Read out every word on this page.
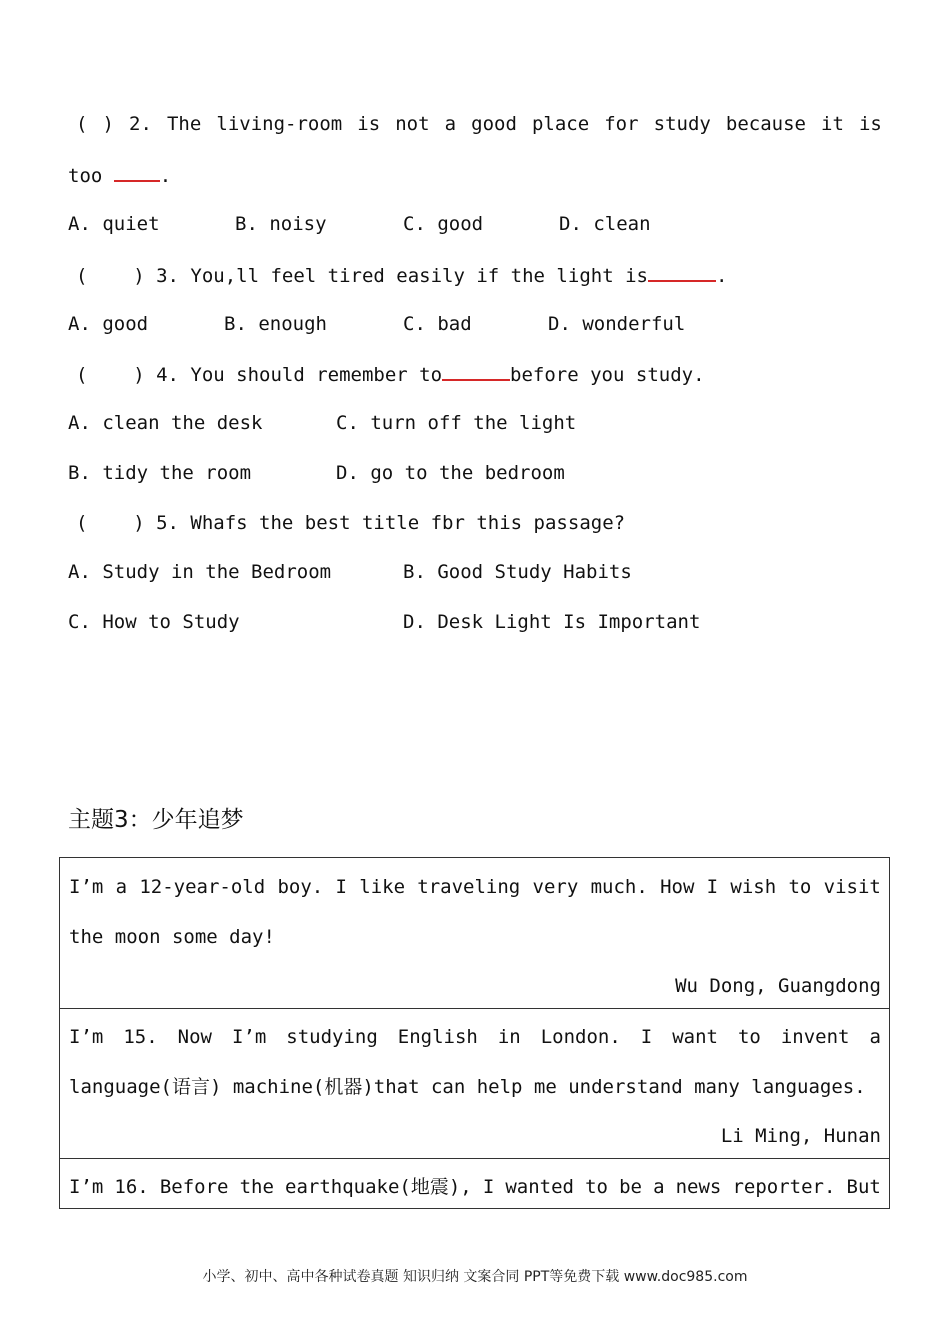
( ) 2. The living-room is not a good place for study because it is
too .
A. quiet	B. noisy	C. good	D. clean
(    ) 3. You,ll feel tired easily if the light is	.
A. good	B. enough	C. bad	D. wonderful
(    ) 4. You should remember to	before you study.
A. clean the desk	C. turn off the light
B. tidy the room	D. go to the bedroom
(    ) 5. Whafs the best title fbr this passage?
A. Study in the Bedroom	B. Good Study Habits
C. How to Study	D. Desk Light Is Important
主题3：少年追梦
I’m a 12-year-old boy. I like traveling very much. How I wish to visit
the moon some day!
Wu Dong, Guangdong
I’m 15. Now I’m studying English in London. I want to invent a
language(语言) machine(机器)that can help me understand many languages.
Li Ming, Hunan
I’m 16. Before the earthquake(地震), I wanted to be a news reporter. But
小学、初中、高中各种试卷真题 知识归纳 文案合同 PPT等免费下载 www.doc985.com
